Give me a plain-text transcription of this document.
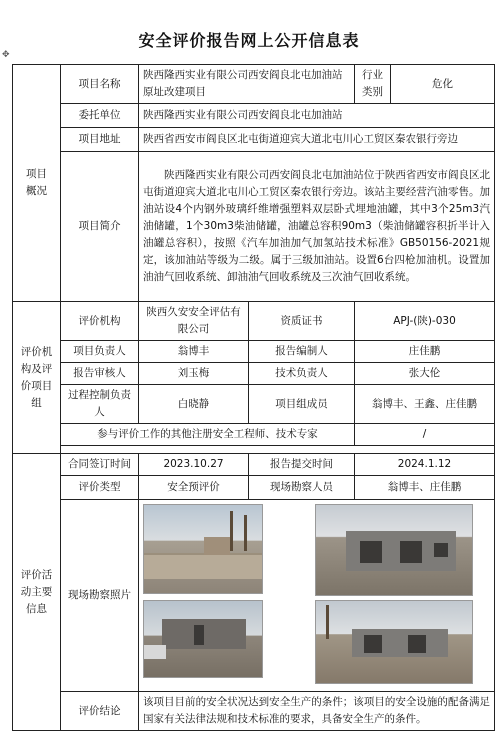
安全评价报告网上公开信息表
✥
项目
概况	项目名称	陕西隆西实业有限公司西安阎良北屯加油站原址改建项目		行业类别	危化
	委托单位	陕西隆西实业有限公司西安阎良北屯加油站			
	项目地址	陕西省西安市阎良区北屯街道迎宾大道北屯川心工贸区秦农银行旁边			
	项目简介	陕西隆西实业有限公司西安阎良北屯加油站位于陕西省西安市阎良区北屯街道迎宾大道北屯川心工贸区秦农银行旁边。该站主要经营汽油零售。加油站设4个内钢外玻璃纤维增强塑料双层卧式埋地油罐，其中3个25m3汽油储罐，1个30m3柴油储罐，油罐总容积90m3（柴油储罐容积折半计入油罐总容积），按照《汽车加油加气加氢站技术标准》GB50156-2021规定，该加油站等级为二级。属于三级加油站。设置6台四枪加油机。设置加油油气回收系统、卸油油气回收系统及三次油气回收系统。			
评价机
构及评
价项目
组	评价机构	陕西久安安全评估有限公司	资质证书	APJ-(陕)-030	
	项目负责人	翁博丰	报告编制人	庄佳鹏	
	报告审核人	刘玉梅	技术负责人	张大伦	
	过程控制负责人	白晓静	项目组成员	翁博丰、王鑫、庄佳鹏	
	参与评价工作的其他注册安全工程师、技术专家			/	

评价活
动主要
信息	合同签订时间	2023.10.27	报告提交时间	2024.1.12	
	评价类型	安全预评价	现场勘察人员	翁博丰、庄佳鹏	
	现场勘察照片				

	评价结论	该项目目前的安全状况达到安全生产的条件；该项目的安全设施的配备满足国家有关法律法规和技术标准的要求，具备安全生产的条件。			
